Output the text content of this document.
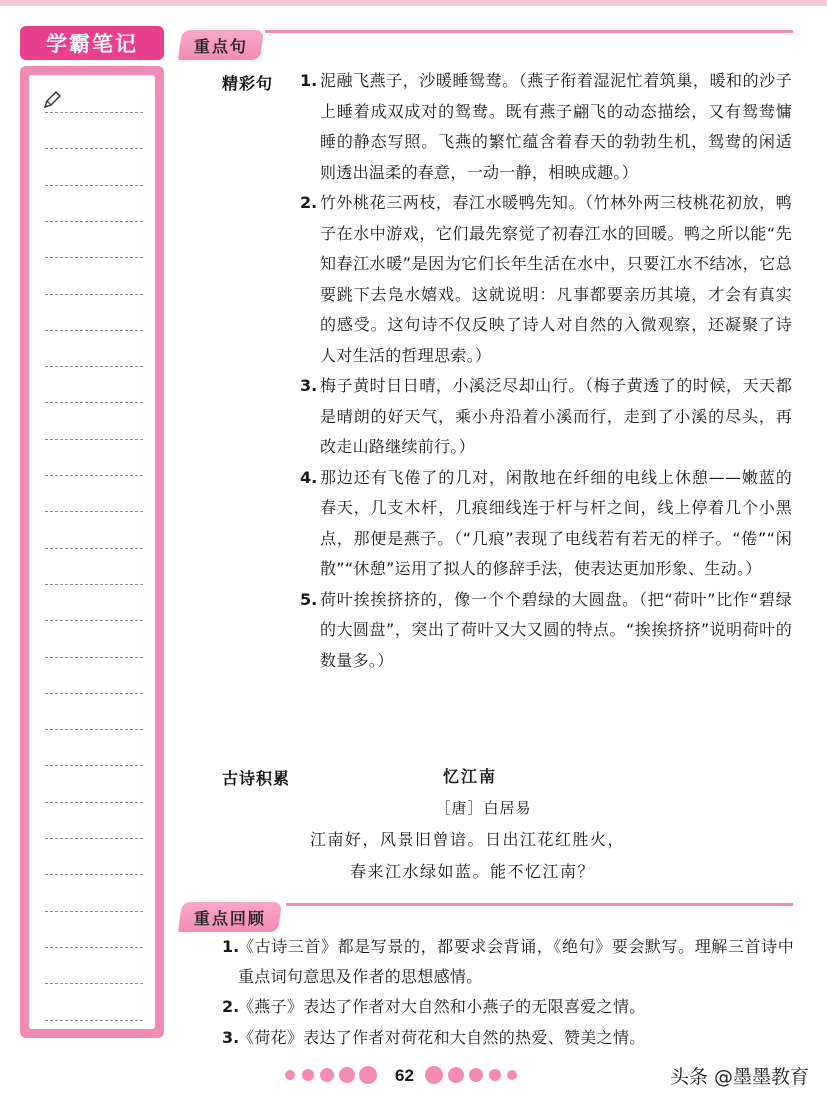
学霸笔记	重点句
精彩句 1. 泥融飞燕子，沙暖睡鸳鸯。（燕子衔着湿泥忙着筑巢，暖和的沙子上睡着成双成对的鸳鸯。既有燕子翩飞的动态描绘，又有鸳鸯慵睡的静态写照。飞燕的繁忙蕴含着春天的勃勃生机，鸳鸯的闲适则透出温柔的春意，一动一静，相映成趣。）
2. 竹外桃花三两枝，春江水暖鸭先知。（竹林外两三枝桃花初放，鸭子在水中游戏，它们最先察觉了初春江水的回暖。鸭之所以能“先知春江水暖”是因为它们长年生活在水中，只要江水不结冰，它总要跳下去凫水嬉戏。这就说明：凡事都要亲历其境，才会有真实的感受。这句诗不仅反映了诗人对自然的入微观察，还凝聚了诗人对生活的哲理思索。）
3. 梅子黄时日日晴，小溪泛尽却山行。（梅子黄透了的时候，天天都是晴朗的好天气，乘小舟沿着小溪而行，走到了小溪的尽头，再改走山路继续前行。）
4. 那边还有飞倦了的几对，闲散地在纤细的电线上休憩——嫩蓝的春天，几支木杆，几痕细线连于杆与杆之间，线上停着几个小黑点，那便是燕子。（“几痕”表现了电线若有若无的样子。“倦”“闲散”“休憩”运用了拟人的修辞手法，使表达更加形象、生动。）
5. 荷叶挨挨挤挤的，像一个个碧绿的大圆盘。（把“荷叶”比作“碧绿的大圆盘”，突出了荷叶又大又圆的特点。“挨挨挤挤”说明荷叶的数量多。）
古诗积累	忆江南
［唐］白居易
江南好，风景旧曾谙。日出江花红胜火，
春来江水绿如蓝。能不忆江南？
重点回顾
1.
《古诗三首》都是写景的，都要求会背诵，《绝句》要会默写。理解三首诗中重点词句意思及作者的思想感情。
2.
《燕子》表达了作者对大自然和小燕子的无限喜爱之情。
3.
《荷花》表达了作者对荷花和大自然的热爱、赞美之情。
62	头条 @墨墨教育
